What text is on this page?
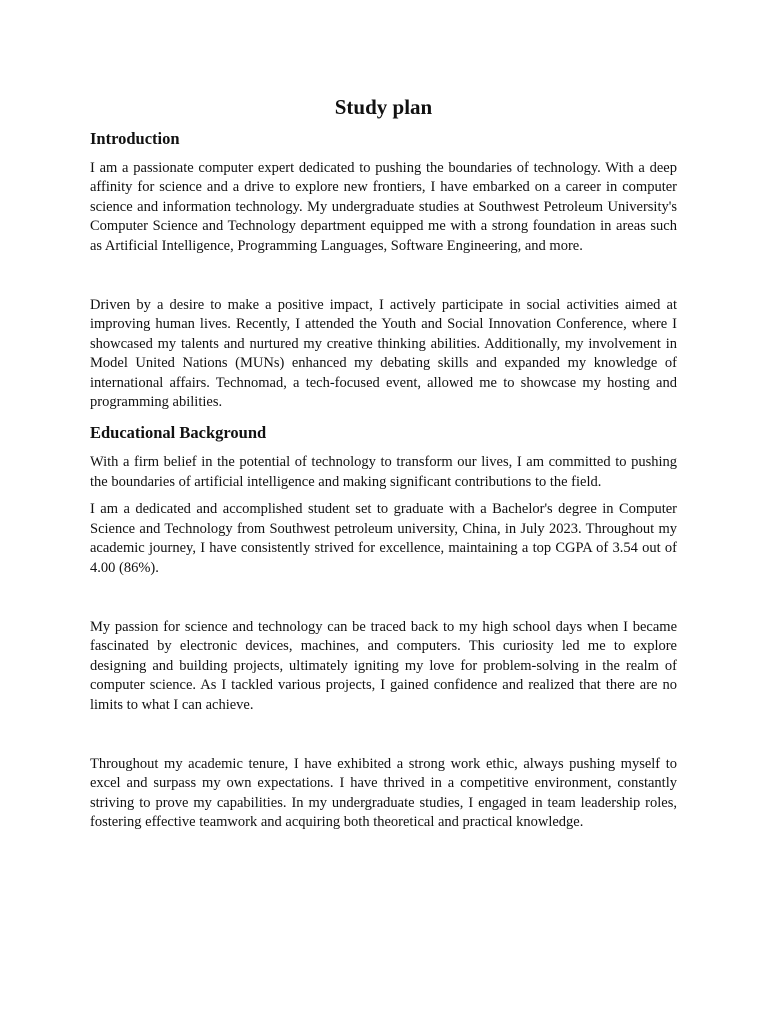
Study plan
Introduction

I am a passionate computer expert dedicated to pushing the boundaries of technology. With a deep affinity for science and a drive to explore new frontiers, I have embarked on a career in computer science and information technology. My undergraduate studies at Southwest Petroleum University's Computer Science and Technology department equipped me with a strong foundation in areas such as Artificial Intelligence, Programming Languages, Software Engineering, and more.

Driven by a desire to make a positive impact, I actively participate in social activities aimed at improving human lives. Recently, I attended the Youth and Social Innovation Conference, where I showcased my talents and nurtured my creative thinking abilities. Additionally, my involvement in Model United Nations (MUNs) enhanced my debating skills and expanded my knowledge of international affairs. Technomad, a tech-focused event, allowed me to showcase my hosting and programming abilities.

Educational Background

With a firm belief in the potential of technology to transform our lives, I am committed to pushing the boundaries of artificial intelligence and making significant contributions to the field.

I am a dedicated and accomplished student set to graduate with a Bachelor's degree in Computer Science and Technology from Southwest petroleum university, China, in July 2023. Throughout my academic journey, I have consistently strived for excellence, maintaining a top CGPA of 3.54 out of 4.00 (86%).

My passion for science and technology can be traced back to my high school days when I became fascinated by electronic devices, machines, and computers. This curiosity led me to explore designing and building projects, ultimately igniting my love for problem-solving in the realm of computer science. As I tackled various projects, I gained confidence and realized that there are no limits to what I can achieve.

Throughout my academic tenure, I have exhibited a strong work ethic, always pushing myself to excel and surpass my own expectations. I have thrived in a competitive environment, constantly striving to prove my capabilities. In my undergraduate studies, I engaged in team leadership roles, fostering effective teamwork and acquiring both theoretical and practical knowledge.
